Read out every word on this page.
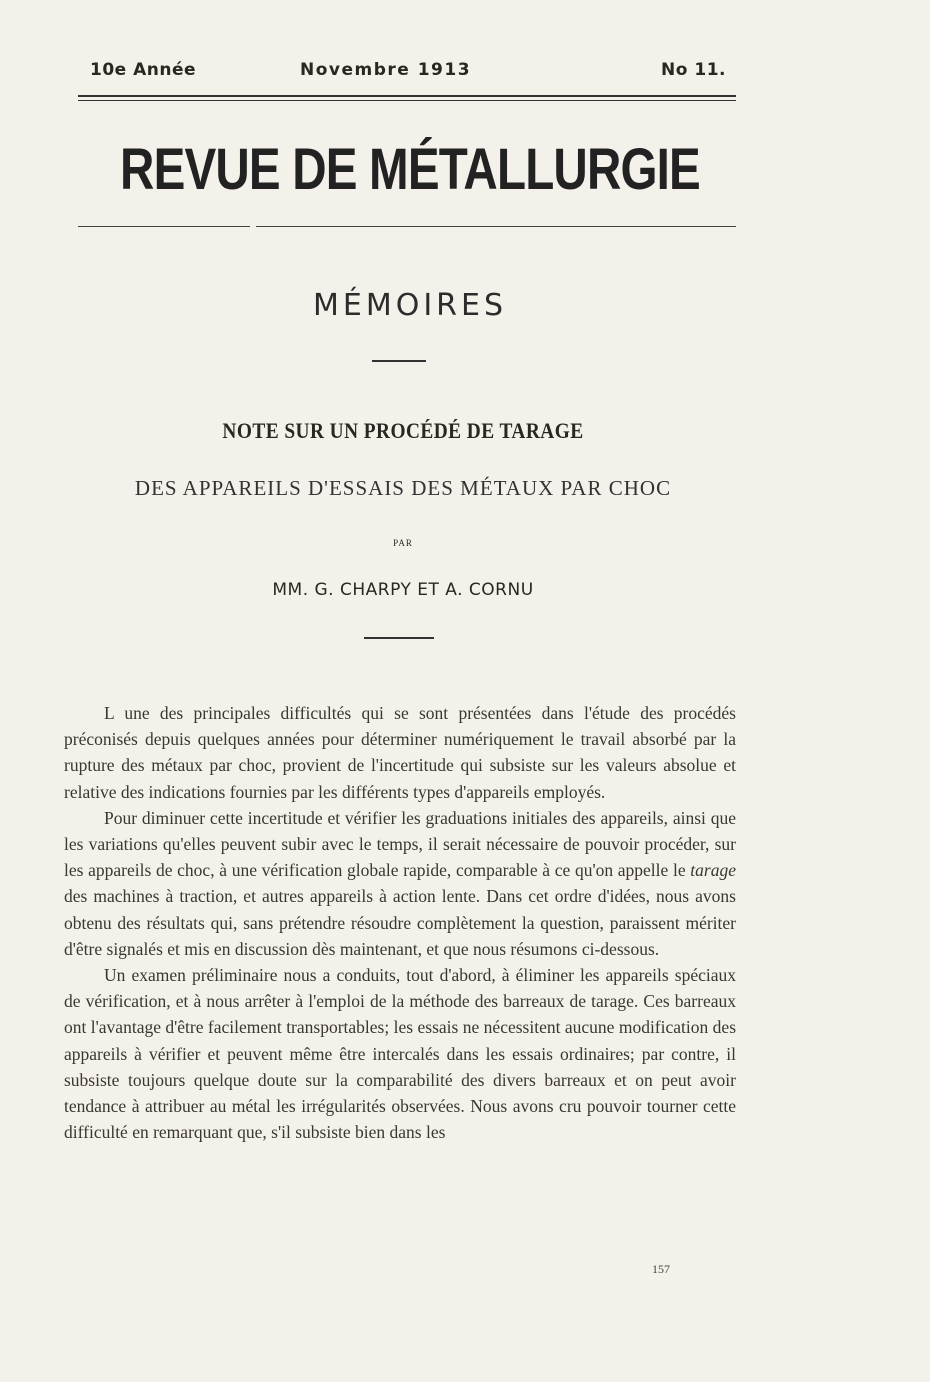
10e Année	Novembre 1913	No 11.
REVUE DE MÉTALLURGIE
MÉMOIRES
NOTE SUR UN PROCÉDÉ DE TARAGE
DES APPAREILS D'ESSAIS DES MÉTAUX PAR CHOC
PAR
MM. G. CHARPY ET A. CORNU

L une des principales difficultés qui se sont présentées dans l'étude des procédés préconisés depuis quelques années pour déterminer numériquement le travail absorbé par la rupture des métaux par choc, provient de l'incertitude qui subsiste sur les valeurs absolue et relative des indications fournies par les différents types d'appareils employés.

Pour diminuer cette incertitude et vérifier les graduations initiales des appareils, ainsi que les variations qu'elles peuvent subir avec le temps, il serait nécessaire de pouvoir procéder, sur les appareils de choc, à une vérification globale rapide, comparable à ce qu'on appelle le tarage des machines à traction, et autres appareils à action lente. Dans cet ordre d'idées, nous avons obtenu des résultats qui, sans prétendre résoudre complètement la question, paraissent mériter d'être signalés et mis en discussion dès maintenant, et que nous résumons ci-dessous.

Un examen préliminaire nous a conduits, tout d'abord, à éliminer les appareils spéciaux de vérification, et à nous arrêter à l'emploi de la méthode des barreaux de tarage. Ces barreaux ont l'avantage d'être facilement transportables; les essais ne nécessitent aucune modification des appareils à vérifier et peuvent même être intercalés dans les essais ordinaires; par contre, il subsiste toujours quelque doute sur la comparabilité des divers barreaux et on peut avoir tendance à attribuer au métal les irrégularités observées. Nous avons cru pouvoir tourner cette difficulté en remarquant que, s'il subsiste bien dans les

157
